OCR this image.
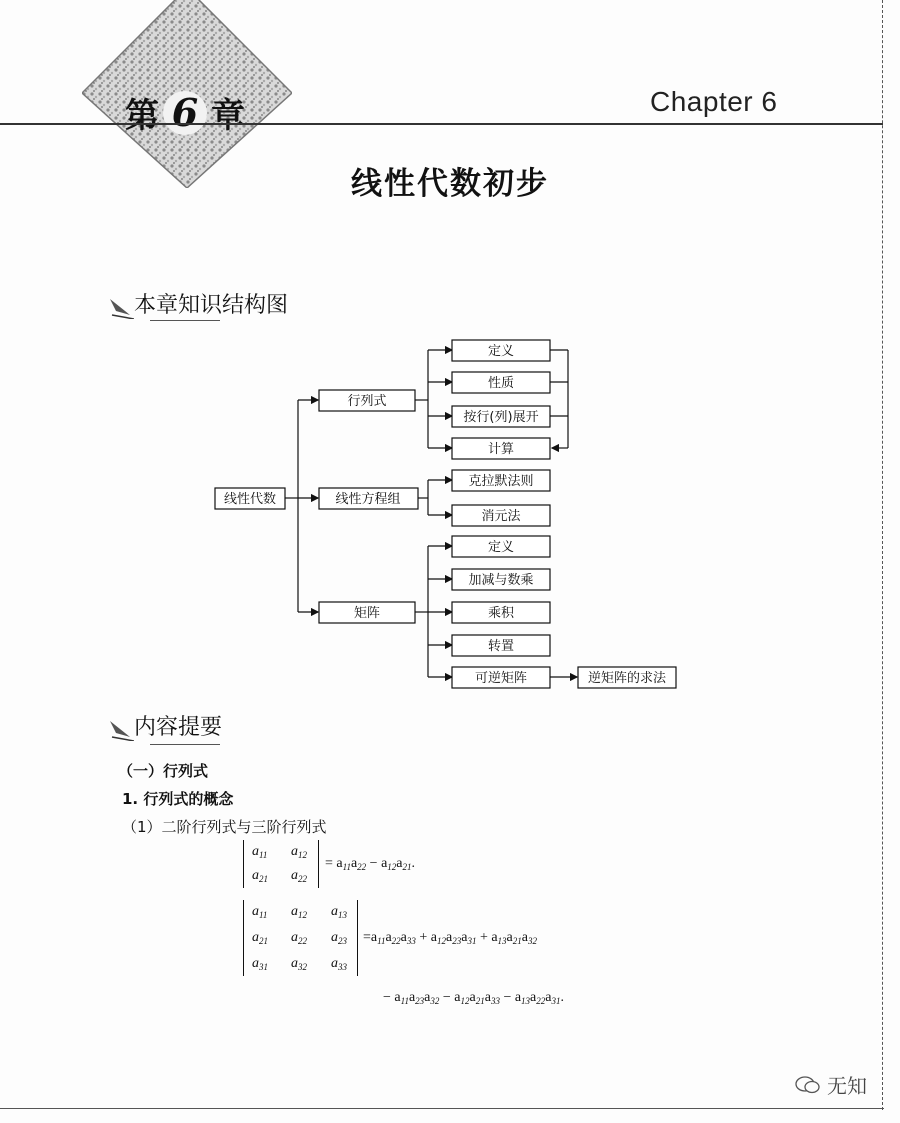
第 6 章	Chapter 6
线性代数初步
本章知识结构图
线性代数
行列式
线性方程组
矩阵
定义
性质
按行(列)展开
计算
克拉默法则
消元法
定义
加减与数乘
乘积
转置
可逆矩阵	逆矩阵的求法
内容提要
（一）行列式
1. 行列式的概念
（1）二阶行列式与三阶行列式
$a_{11}$ $a_{12}$
$a_{21}$ $a_{22}$
= $a_{11}a_{22} - a_{12}a_{21}$.
$a_{11}$ $a_{12}$ $a_{13}$
$a_{21}$ $a_{22}$ $a_{23}$
$a_{31}$ $a_{32}$ $a_{33}$
$=a_{11}a_{22}a_{33} + a_{12}a_{23}a_{31} + a_{13}a_{21}a_{32}$
− $a_{11}a_{23}a_{32} - a_{12}a_{21}a_{33} - a_{13}a_{22}a_{31}$.
无知
